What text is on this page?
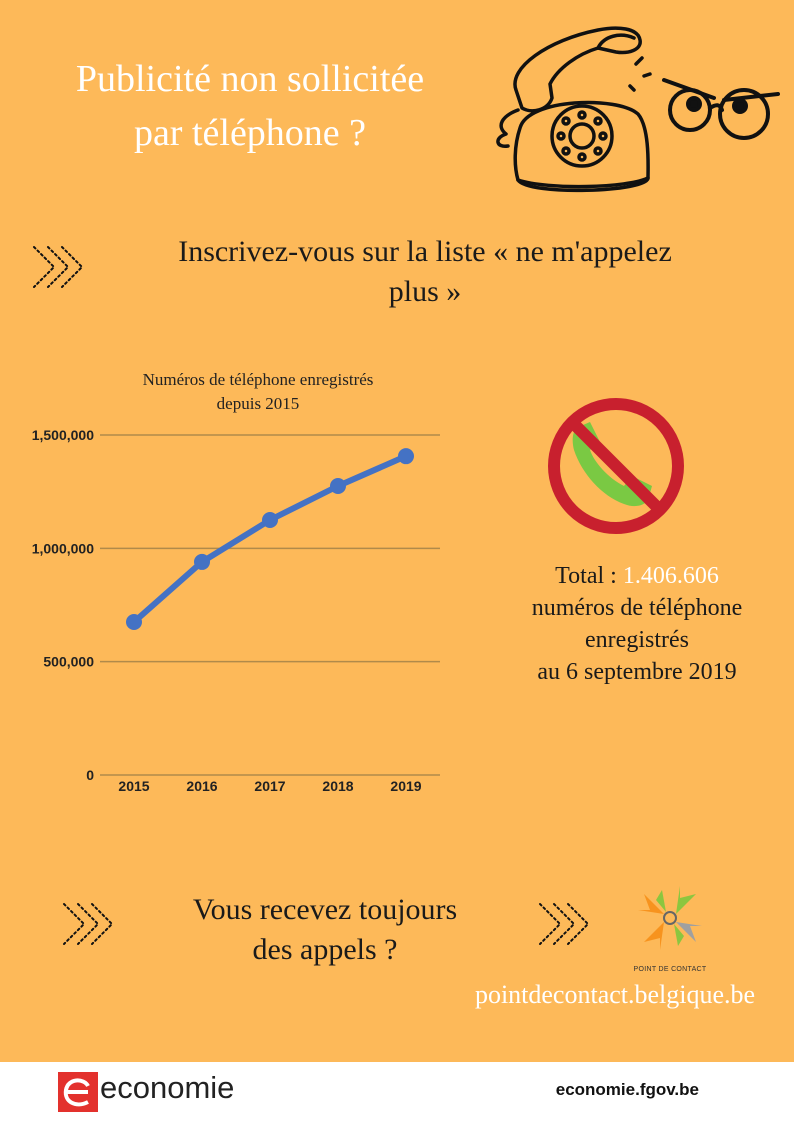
Publicité non sollicitée
par téléphone ?
Inscrivez-vous sur la liste « ne m'appelez
plus »
Numéros de téléphone enregistrés
depuis 2015
0
500,000
1,000,000
1,500,000
2015	2016	2017	2018	2019
Total : 1.406.606
numéros de téléphone
enregistrés
au 6 septembre 2019
Vous recevez toujours
des appels ?
POINT DE CONTACT
pointdecontact.belgique.be
economie	economie.fgov.be
